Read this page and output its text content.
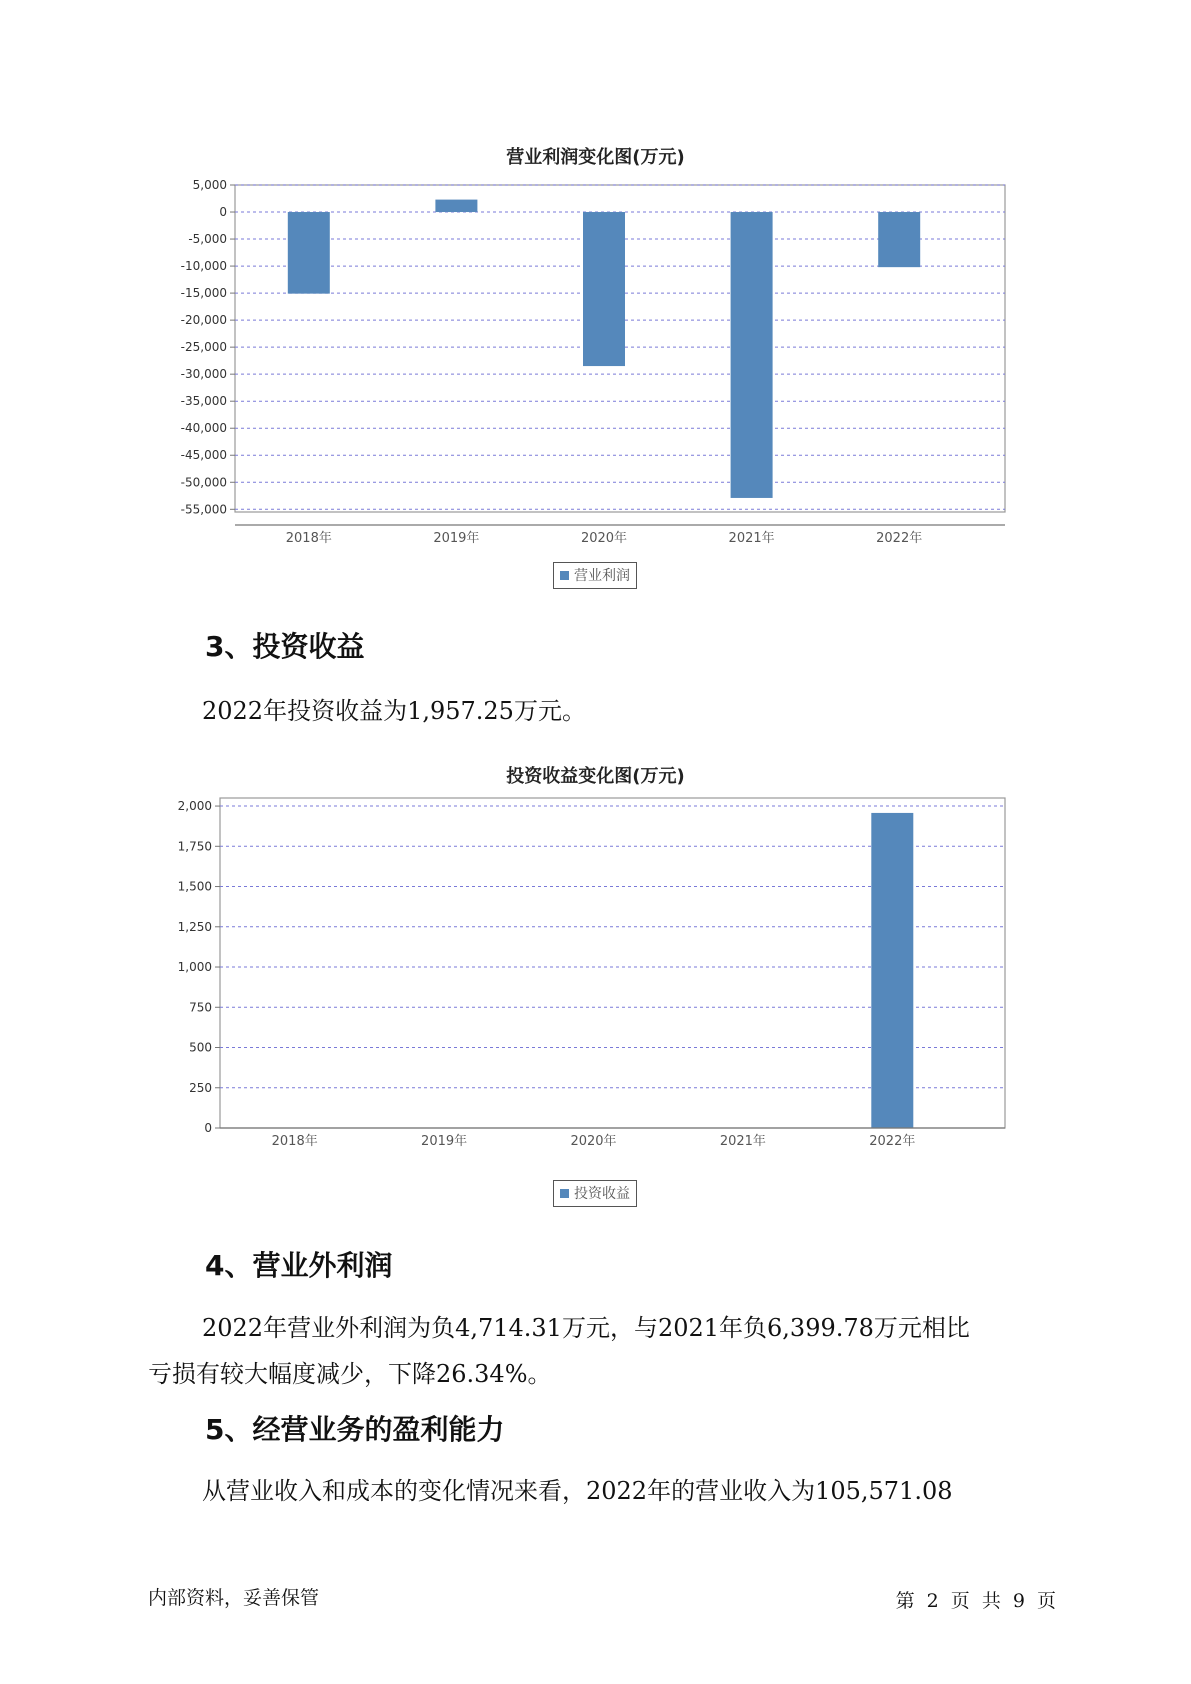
营业利润变化图(万元)
5,000
0
-5,000
-10,000
-15,000
-20,000
-25,000
-30,000
-35,000
-40,000
-45,000
-50,000
-55,000
2018年	2019年	2020年	2021年	2022年
营业利润
3、投资收益
2022年投资收益为1,957.25万元。
投资收益变化图(万元)
2,000
1,750
1,500
1,250
1,000
750
500
250
0
2018年	2019年	2020年	2021年	2022年
投资收益
4、营业外利润
2022年营业外利润为负4,714.31万元，与2021年负6,399.78万元相比
亏损有较大幅度减少，下降26.34%。
5、经营业务的盈利能力
从营业收入和成本的变化情况来看，2022年的营业收入为105,571.08
内部资料，妥善保管	第 2 页 共 9 页
